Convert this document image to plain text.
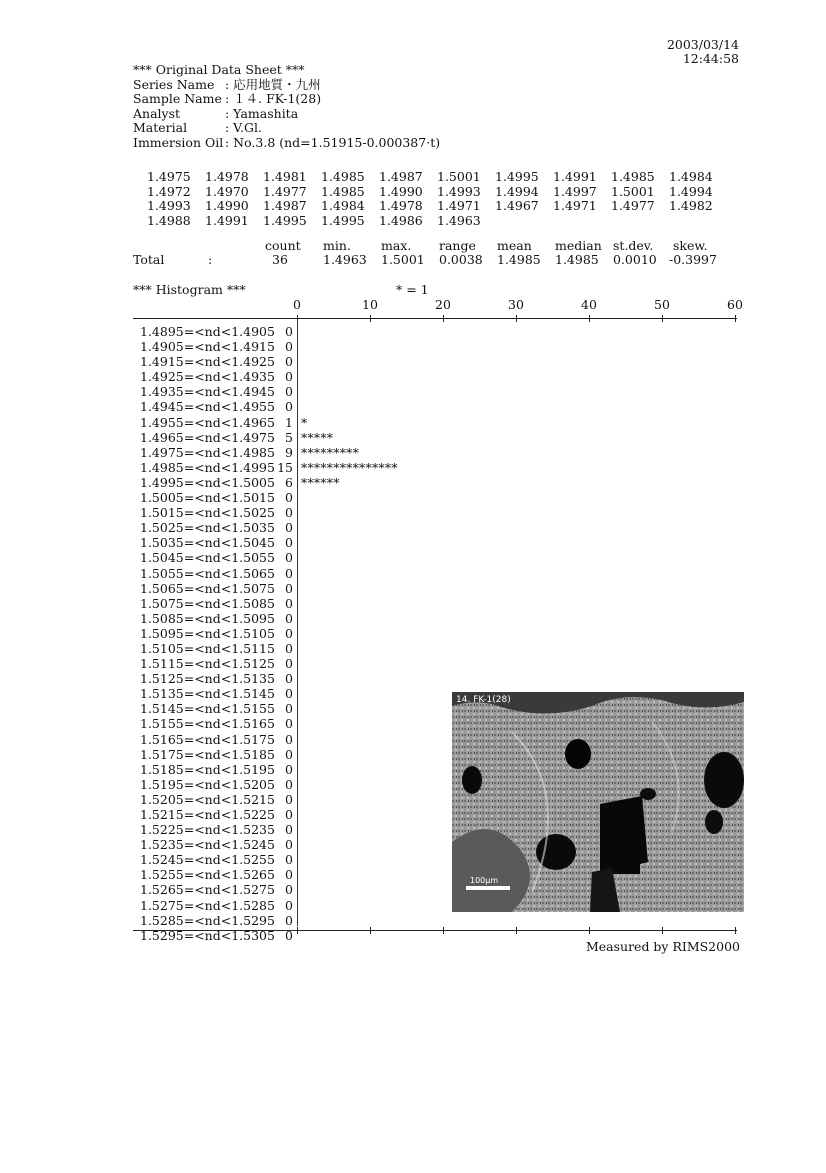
2003/03/14
12:44:58
*** Original Data Sheet ***
Series Name : 応用地質・九州
Sample Name : １４. FK-1(28)
Analyst	: Yamashita
Material	: V.Gl.
Immersion Oil : No.3.8 (nd=1.51915-0.000387·t)
1.4975 1.4978 1.4981 1.4985 1.4987 1.5001 1.4995 1.4991 1.4985 1.4984
1.4972 1.4970 1.4977 1.4985 1.4990 1.4993 1.4994 1.4997 1.5001 1.4994
1.4993 1.4990 1.4987 1.4984 1.4978 1.4971 1.4967 1.4971 1.4977 1.4982
1.4988 1.4991 1.4995 1.4995 1.4986 1.4963
count min. max. range mean median st.dev. skew.
Total	:	36	1.4963 1.5001 0.0038 1.4985 1.4985 0.0010 -0.3997
*** Histogram ***	* = 1
0	10	20	30	40	50	60
1.4895=<nd<1.4905 0
1.4905=<nd<1.4915 0
1.4915=<nd<1.4925 0
1.4925=<nd<1.4935 0
1.4935=<nd<1.4945 0
1.4945=<nd<1.4955 0
1.4955=<nd<1.4965 1 *
1.4965=<nd<1.4975 5 *****
1.4975=<nd<1.4985 9 *********
1.4985=<nd<1.4995 15 ***************
1.4995=<nd<1.5005 6 ******
1.5005=<nd<1.5015 0
1.5015=<nd<1.5025 0
1.5025=<nd<1.5035 0
1.5035=<nd<1.5045 0
1.5045=<nd<1.5055 0
1.5055=<nd<1.5065 0
1.5065=<nd<1.5075 0
1.5075=<nd<1.5085 0
1.5085=<nd<1.5095 0
1.5095=<nd<1.5105 0
1.5105=<nd<1.5115 0
1.5115=<nd<1.5125 0
1.5125=<nd<1.5135 0
1.5135=<nd<1.5145 0
1.5145=<nd<1.5155 0
1.5155=<nd<1.5165 0
1.5165=<nd<1.5175 0
1.5175=<nd<1.5185 0
1.5185=<nd<1.5195 0
1.5195=<nd<1.5205 0
1.5205=<nd<1.5215 0
1.5215=<nd<1.5225 0
1.5225=<nd<1.5235 0
1.5235=<nd<1.5245 0
1.5245=<nd<1.5255 0
1.5255=<nd<1.5265 0
1.5265=<nd<1.5275 0
1.5275=<nd<1.5285 0
1.5285=<nd<1.5295 0
1.5295=<nd<1.5305 0
14. FK-1(28)
100μm
Measured by RIMS2000
